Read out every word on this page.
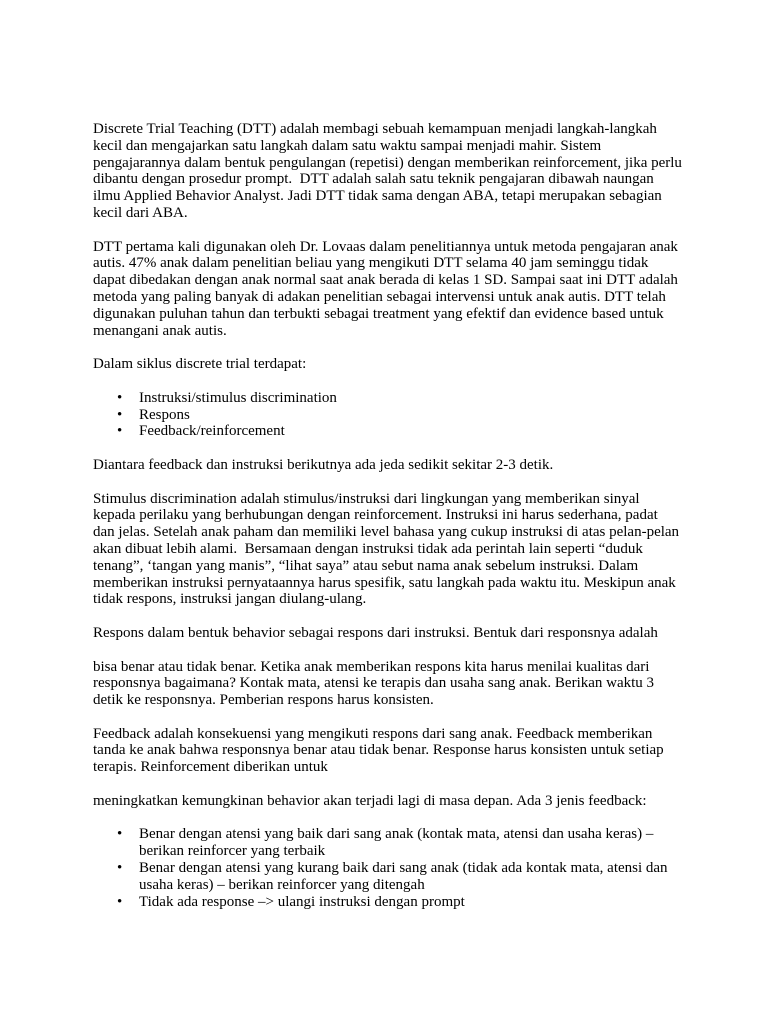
Discrete Trial Teaching (DTT) adalah membagi sebuah kemampuan menjadi langkah-langkah kecil dan mengajarkan satu langkah dalam satu waktu sampai menjadi mahir. Sistem pengajarannya dalam bentuk pengulangan (repetisi) dengan memberikan reinforcement, jika perlu dibantu dengan prosedur prompt.  DTT adalah salah satu teknik pengajaran dibawah naungan ilmu Applied Behavior Analyst. Jadi DTT tidak sama dengan ABA, tetapi merupakan sebagian kecil dari ABA.

DTT pertama kali digunakan oleh Dr. Lovaas dalam penelitiannya untuk metoda pengajaran anak autis. 47% anak dalam penelitian beliau yang mengikuti DTT selama 40 jam seminggu tidak dapat dibedakan dengan anak normal saat anak berada di kelas 1 SD. Sampai saat ini DTT adalah metoda yang paling banyak di adakan penelitian sebagai intervensi untuk anak autis. DTT telah digunakan puluhan tahun dan terbukti sebagai treatment yang efektif dan evidence based untuk menangani anak autis.

Dalam siklus discrete trial terdapat:

• Instruksi/stimulus discrimination
• Respons
• Feedback/reinforcement

Diantara feedback dan instruksi berikutnya ada jeda sedikit sekitar 2-3 detik.

Stimulus discrimination adalah stimulus/instruksi dari lingkungan yang memberikan sinyal kepada perilaku yang berhubungan dengan reinforcement. Instruksi ini harus sederhana, padat dan jelas. Setelah anak paham dan memiliki level bahasa yang cukup instruksi di atas pelan-pelan akan dibuat lebih alami.  Bersamaan dengan instruksi tidak ada perintah lain seperti “duduk tenang”, ‘tangan yang manis”, “lihat saya” atau sebut nama anak sebelum instruksi. Dalam memberikan instruksi pernyataannya harus spesifik, satu langkah pada waktu itu. Meskipun anak tidak respons, instruksi jangan diulang-ulang.

Respons dalam bentuk behavior sebagai respons dari instruksi. Bentuk dari responsnya adalah

bisa benar atau tidak benar. Ketika anak memberikan respons kita harus menilai kualitas dari responsnya bagaimana? Kontak mata, atensi ke terapis dan usaha sang anak. Berikan waktu 3 detik ke responsnya. Pemberian respons harus konsisten.

Feedback adalah konsekuensi yang mengikuti respons dari sang anak. Feedback memberikan tanda ke anak bahwa responsnya benar atau tidak benar. Response harus konsisten untuk setiap terapis. Reinforcement diberikan untuk

meningkatkan kemungkinan behavior akan terjadi lagi di masa depan. Ada 3 jenis feedback:

• Benar dengan atensi yang baik dari sang anak (kontak mata, atensi dan usaha keras) – berikan reinforcer yang terbaik
• Benar dengan atensi yang kurang baik dari sang anak (tidak ada kontak mata, atensi dan usaha keras) – berikan reinforcer yang ditengah
• Tidak ada response –> ulangi instruksi dengan prompt
